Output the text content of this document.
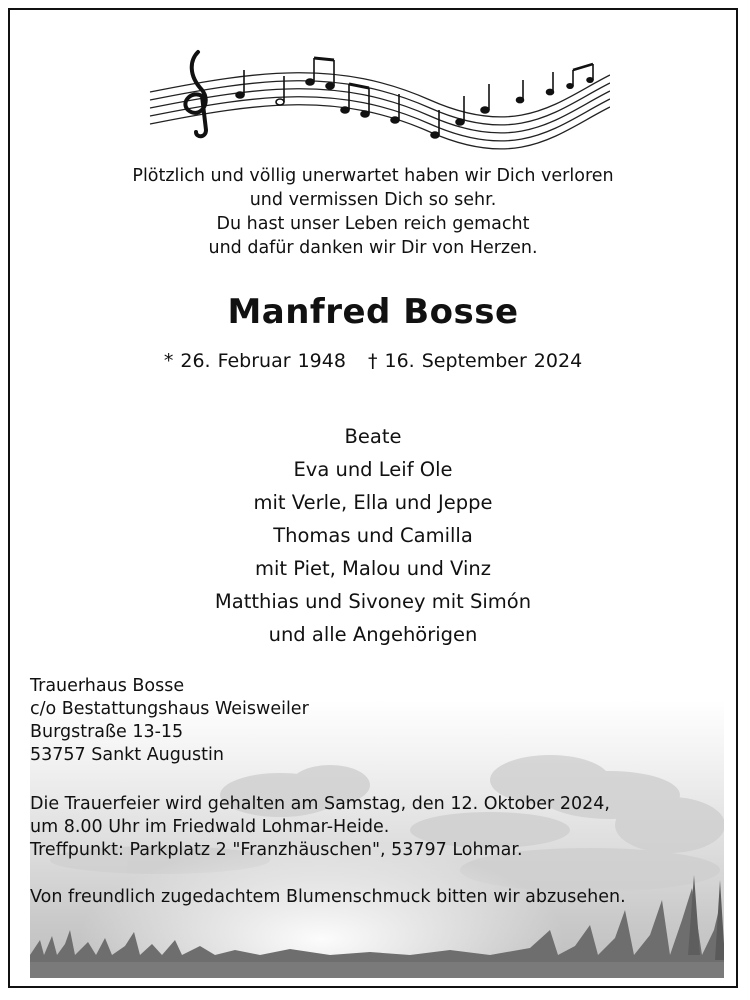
Plötzlich und völlig unerwartet haben wir Dich verloren
und vermissen Dich so sehr.
Du hast unser Leben reich gemacht
und dafür danken wir Dir von Herzen.
Manfred Bosse
* 26. Februar 1948 † 16. September 2024
Beate
Eva und Leif Ole
mit Verle, Ella und Jeppe
Thomas und Camilla
mit Piet, Malou und Vinz
Matthias und Sivoney mit Simón
und alle Angehörigen
Trauerhaus Bosse
c/o Bestattungshaus Weisweiler
Burgstraße 13-15
53757 Sankt Augustin
Die Trauerfeier wird gehalten am Samstag, den 12. Oktober 2024,
um 8.00 Uhr im Friedwald Lohmar-Heide.
Treffpunkt: Parkplatz 2 "Franzhäuschen", 53797 Lohmar.
Von freundlich zugedachtem Blumenschmuck bitten wir abzusehen.
